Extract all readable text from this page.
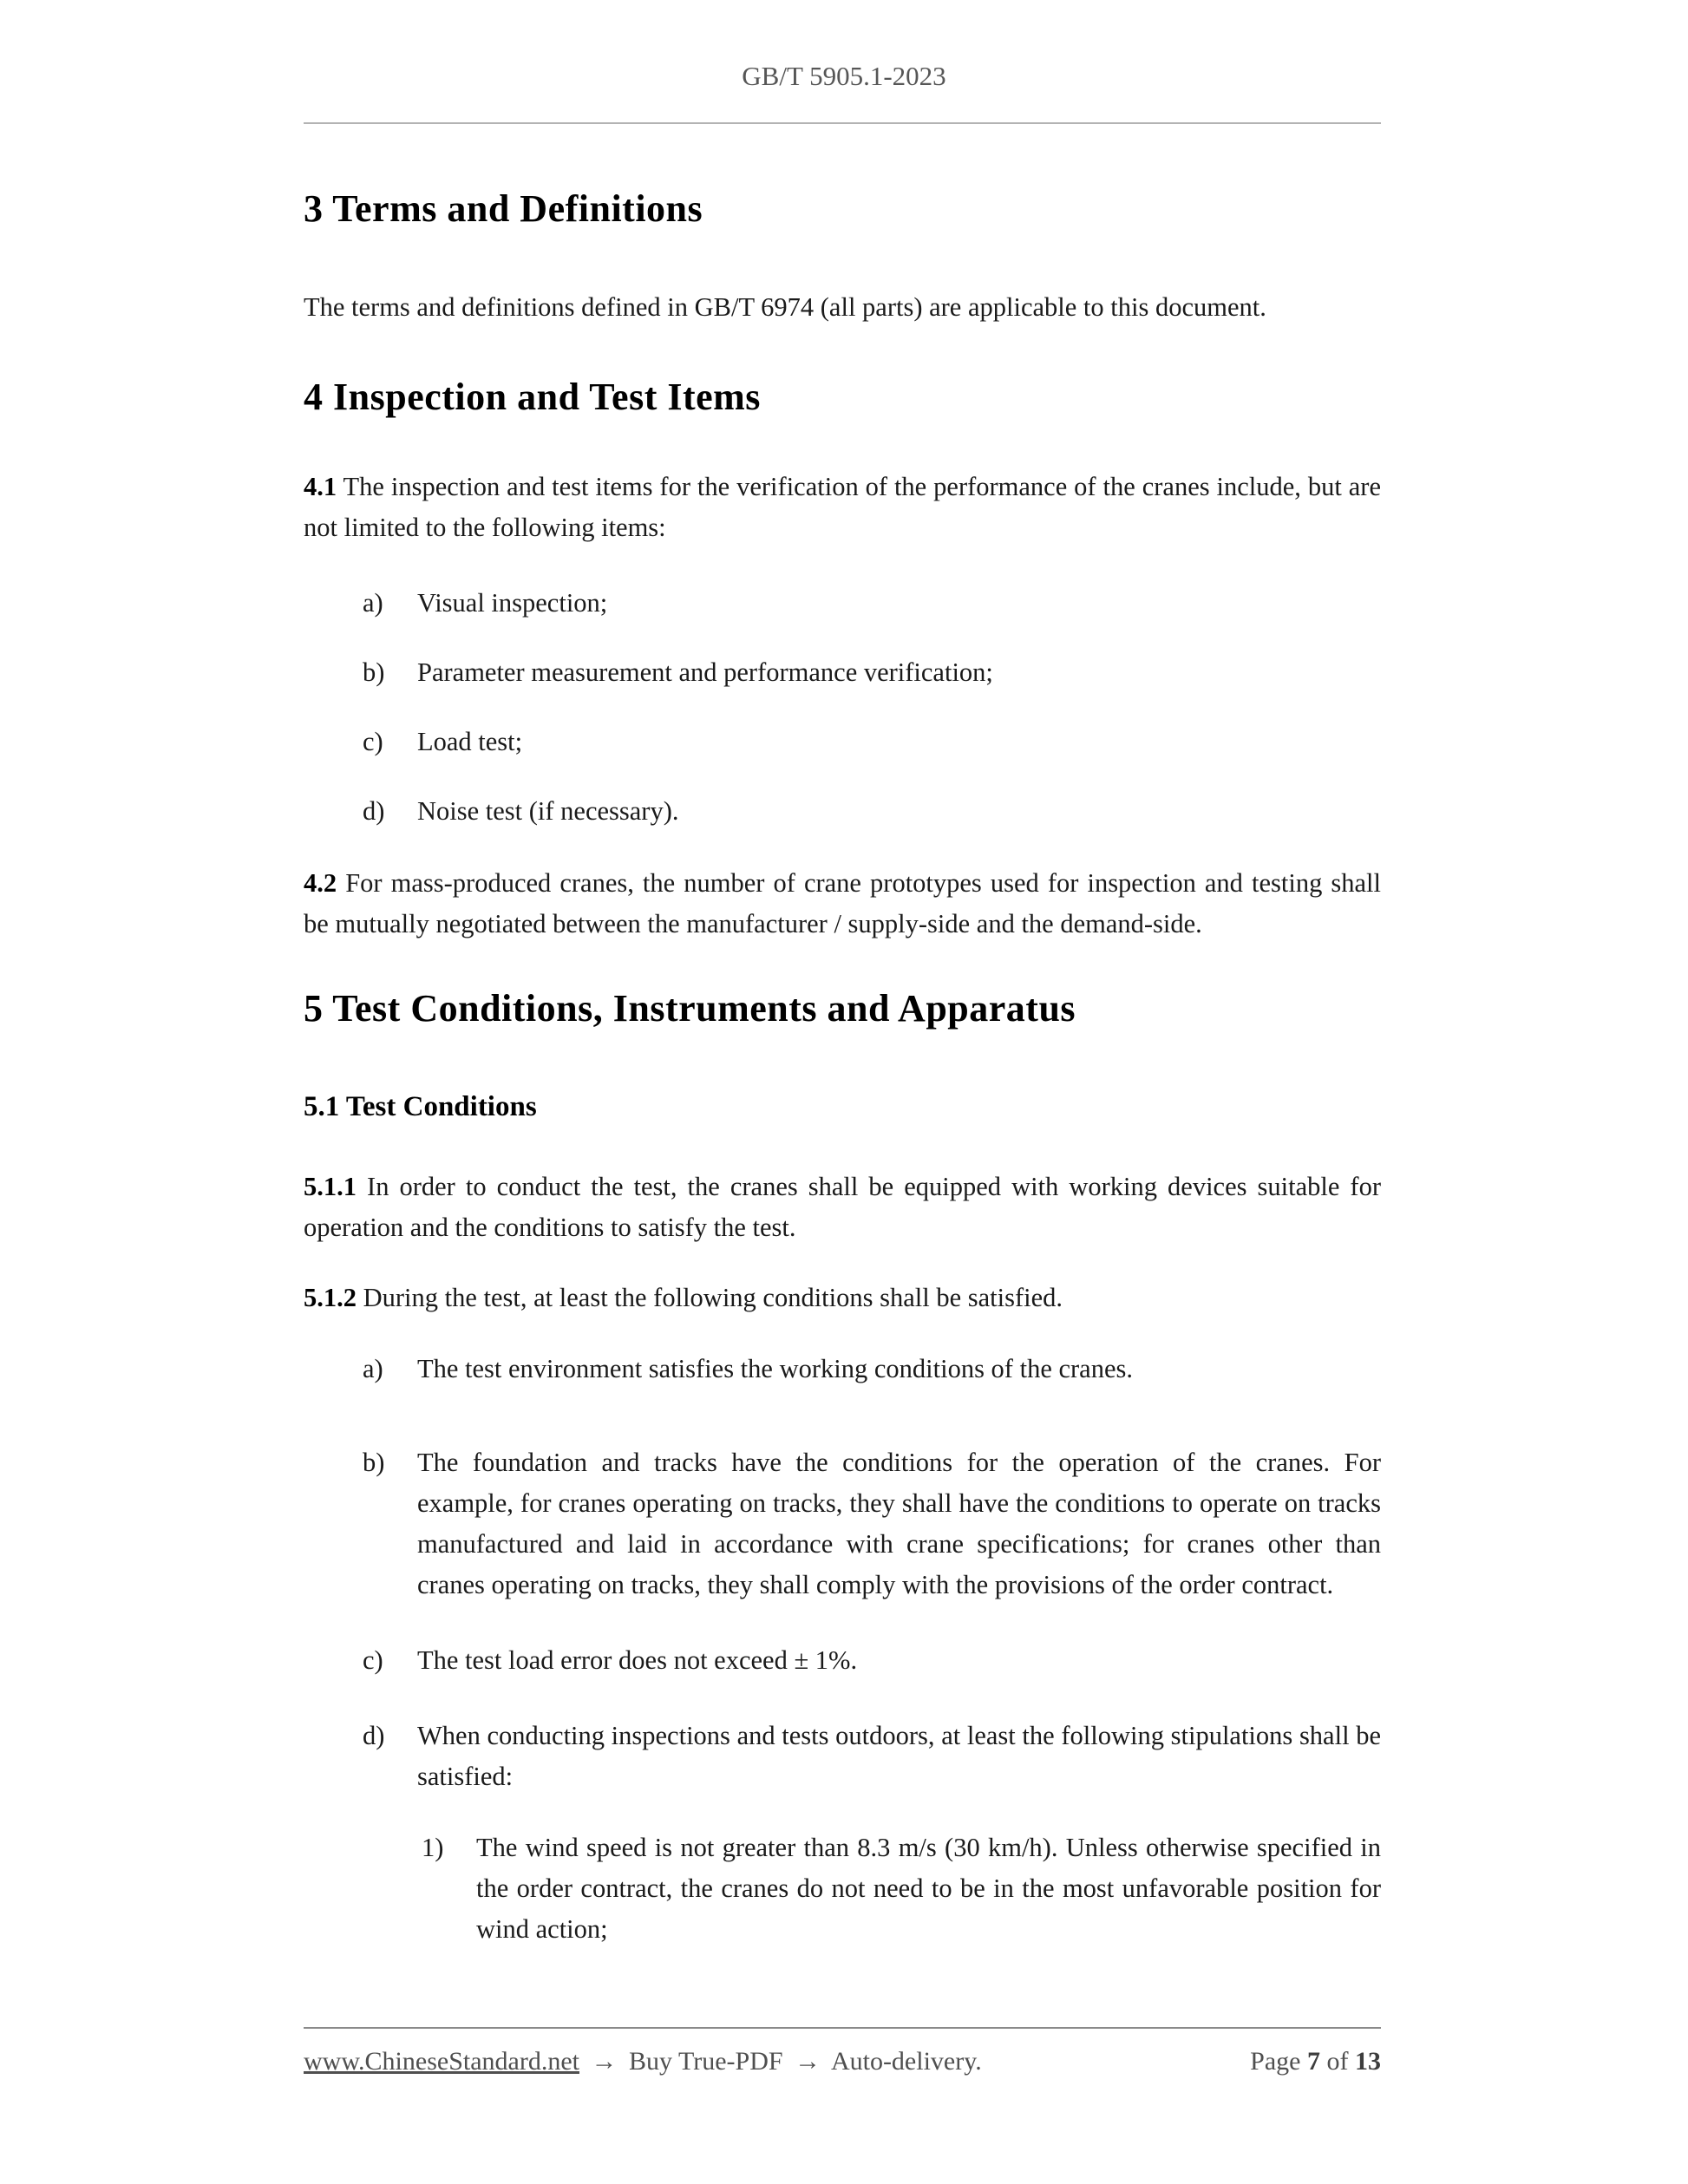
GB/T 5905.1-2023
3 Terms and Definitions

The terms and definitions defined in GB/T 6974 (all parts) are applicable to this document.

4 Inspection and Test Items

4.1 The inspection and test items for the verification of the performance of the cranes include, but are not limited to the following items:

a)	Visual inspection;
b)	Parameter measurement and performance verification;
c)	Load test;
d)	Noise test (if necessary).

4.2 For mass-produced cranes, the number of crane prototypes used for inspection and testing shall be mutually negotiated between the manufacturer / supply-side and the demand-side.

5 Test Conditions, Instruments and Apparatus
5.1 Test Conditions

5.1.1 In order to conduct the test, the cranes shall be equipped with working devices suitable for operation and the conditions to satisfy the test.

5.1.2 During the test, at least the following conditions shall be satisfied.

a)	The test environment satisfies the working conditions of the cranes.
b)	The foundation and tracks have the conditions for the operation of the cranes. For example, for cranes operating on tracks, they shall have the conditions to operate on tracks manufactured and laid in accordance with crane specifications; for cranes other than cranes operating on tracks, they shall comply with the provisions of the order contract.
c)	The test load error does not exceed ± 1%.
d)	When conducting inspections and tests outdoors, at least the following stipulations shall be satisfied:
1)	The wind speed is not greater than 8.3 m/s (30 km/h). Unless otherwise specified in the order contract, the cranes do not need to be in the most unfavorable position for wind action;
www.ChineseStandard.net → Buy True-PDF → Auto-delivery.	Page 7 of 13
